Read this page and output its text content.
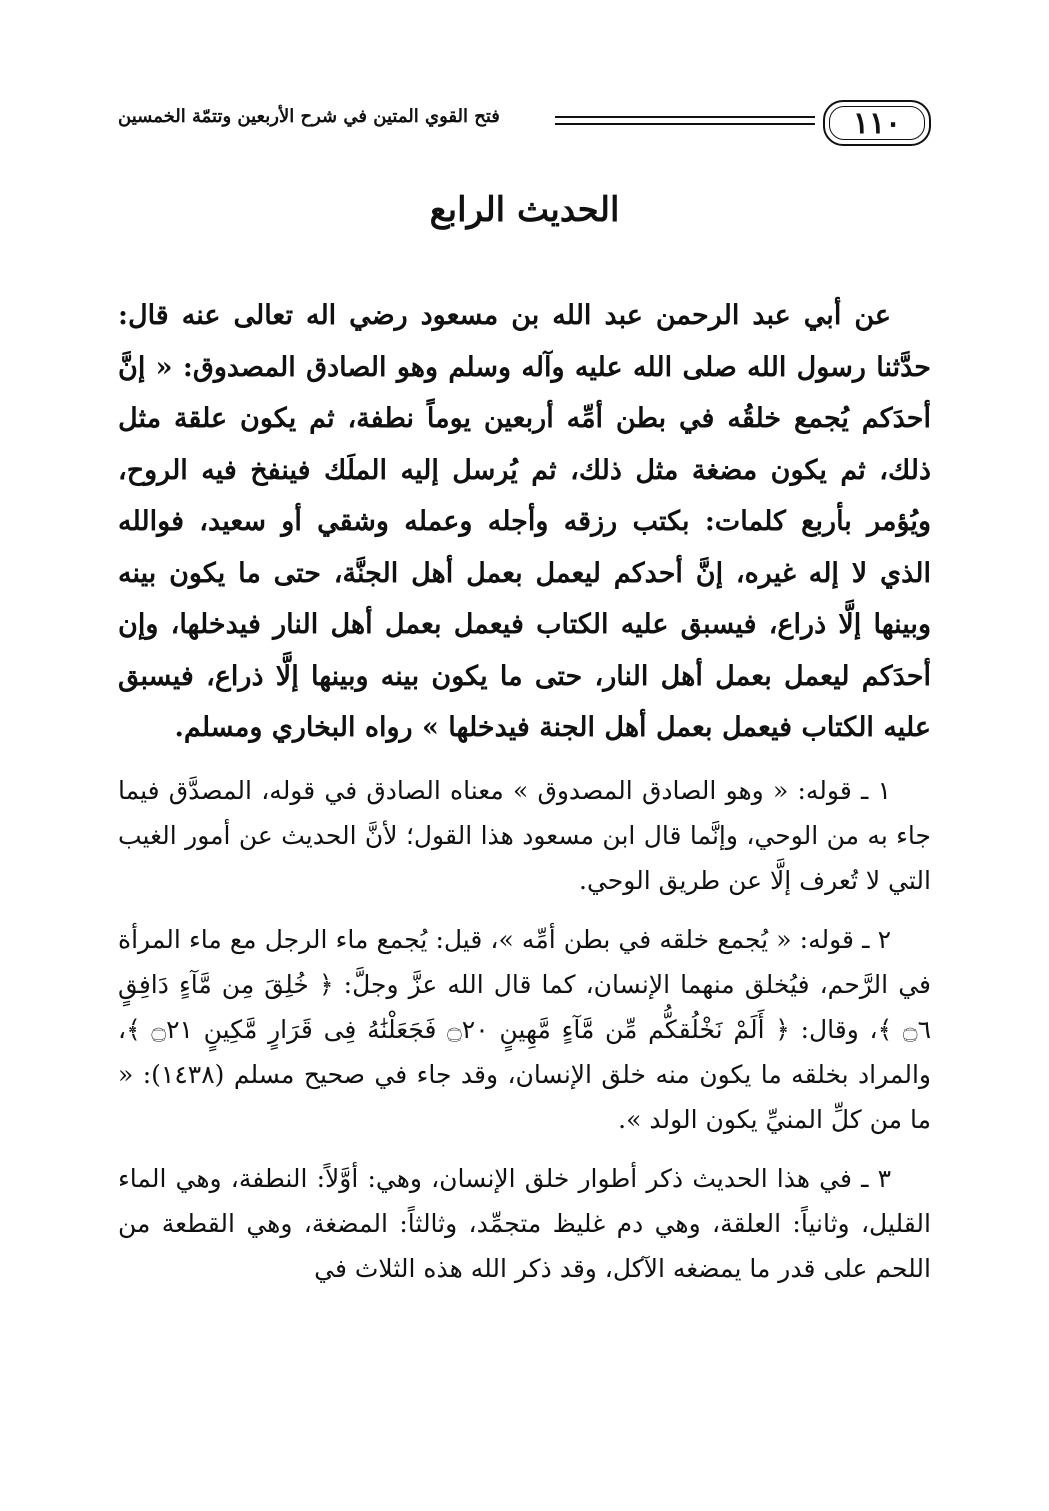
١١٠
فتح القوي المتين في شرح الأربعين وتتمّة الخمسين
الحديث الرابع

عن أبي عبد الرحمن عبد الله بن مسعود رضي اله تعالى عنه قال: حدَّثنا رسول الله صلى الله عليه وآله وسلم وهو الصادق المصدوق: « إنَّ أحدَكم يُجمع خلقُه في بطن أمِّه أربعين يوماً نطفة، ثم يكون علقة مثل ذلك، ثم يكون مضغة مثل ذلك، ثم يُرسل إليه الملَك فينفخ فيه الروح، ويُؤمر بأربع كلمات: بكتب رزقه وأجله وعمله وشقي أو سعيد، فوالله الذي لا إله غيره، إنَّ أحدكم ليعمل بعمل أهل الجنَّة، حتى ما يكون بينه وبينها إلَّا ذراع، فيسبق عليه الكتاب فيعمل بعمل أهل النار فيدخلها، وإن أحدَكم ليعمل بعمل أهل النار، حتى ما يكون بينه وبينها إلَّا ذراع، فيسبق عليه الكتاب فيعمل بعمل أهل الجنة فيدخلها » رواه البخاري ومسلم.

١ ـ قوله: « وهو الصادق المصدوق » معناه الصادق في قوله، المصدَّق فيما جاء به من الوحي، وإنَّما قال ابن مسعود هذا القول؛ لأنَّ الحديث عن أمور الغيب التي لا تُعرف إلَّا عن طريق الوحي.

٢ ـ قوله: « يُجمع خلقه في بطن أمِّه »، قيل: يُجمع ماء الرجل مع ماء المرأة في الرَّحم، فيُخلق منهما الإنسان، كما قال الله عزَّ وجلَّ: ﴿ خُلِقَ مِن مَّآءٍ دَافِقٍ ۝٦ ﴾، وقال: ﴿ أَلَمْ نَخْلُقكُّم مِّن مَّآءٍ مَّهِينٍ ۝٢٠ فَجَعَلْنَٰهُ فِى قَرَارٍ مَّكِينٍ ۝٢١ ﴾، والمراد بخلقه ما يكون منه خلق الإنسان، وقد جاء في صحيح مسلم (١٤٣٨): « ما من كلِّ المنيِّ يكون الولد ».

٣ ـ في هذا الحديث ذكر أطوار خلق الإنسان، وهي: أوَّلاً: النطفة، وهي الماء القليل، وثانياً: العلقة، وهي دم غليظ متجمِّد، وثالثاً: المضغة، وهي القطعة من اللحم على قدر ما يمضغه الآكل، وقد ذكر الله هذه الثلاث في
